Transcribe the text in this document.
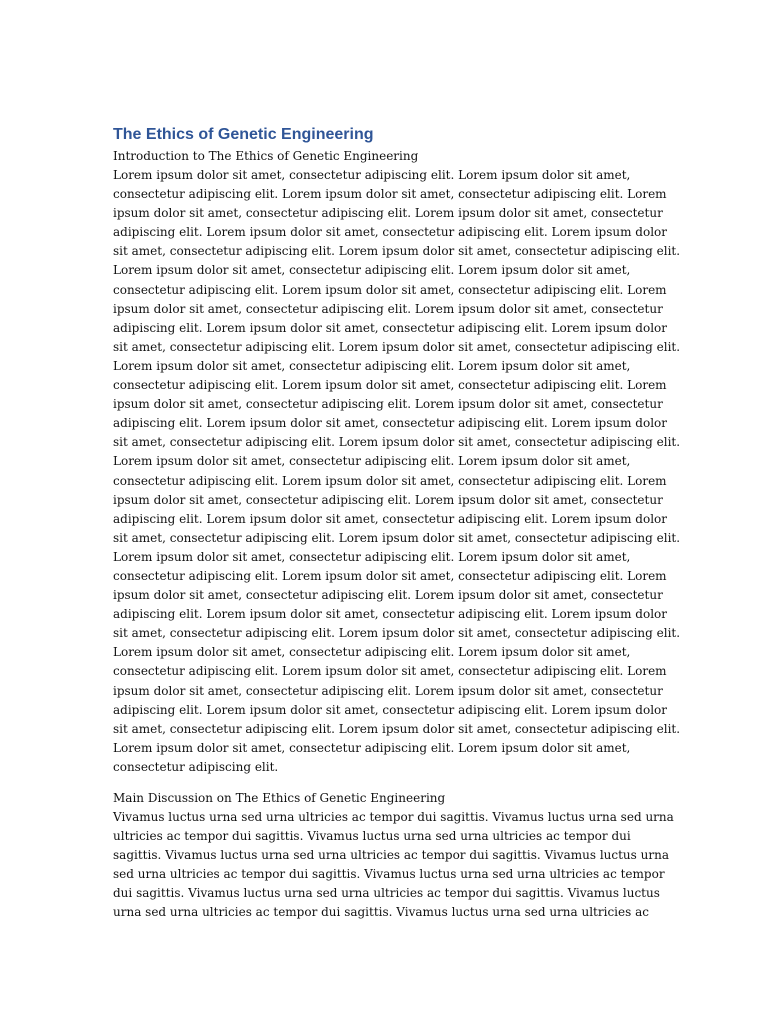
The Ethics of Genetic Engineering

Introduction to The Ethics of Genetic Engineering

Lorem ipsum dolor sit amet, consectetur adipiscing elit. Lorem ipsum dolor sit amet,
consectetur adipiscing elit. Lorem ipsum dolor sit amet, consectetur adipiscing elit. Lorem
ipsum dolor sit amet, consectetur adipiscing elit. Lorem ipsum dolor sit amet, consectetur
adipiscing elit. Lorem ipsum dolor sit amet, consectetur adipiscing elit. Lorem ipsum dolor
sit amet, consectetur adipiscing elit. Lorem ipsum dolor sit amet, consectetur adipiscing elit.
Lorem ipsum dolor sit amet, consectetur adipiscing elit. Lorem ipsum dolor sit amet,
consectetur adipiscing elit. Lorem ipsum dolor sit amet, consectetur adipiscing elit. Lorem
ipsum dolor sit amet, consectetur adipiscing elit. Lorem ipsum dolor sit amet, consectetur
adipiscing elit. Lorem ipsum dolor sit amet, consectetur adipiscing elit. Lorem ipsum dolor
sit amet, consectetur adipiscing elit. Lorem ipsum dolor sit amet, consectetur adipiscing elit.
Lorem ipsum dolor sit amet, consectetur adipiscing elit. Lorem ipsum dolor sit amet,
consectetur adipiscing elit. Lorem ipsum dolor sit amet, consectetur adipiscing elit. Lorem
ipsum dolor sit amet, consectetur adipiscing elit. Lorem ipsum dolor sit amet, consectetur
adipiscing elit. Lorem ipsum dolor sit amet, consectetur adipiscing elit. Lorem ipsum dolor
sit amet, consectetur adipiscing elit. Lorem ipsum dolor sit amet, consectetur adipiscing elit.
Lorem ipsum dolor sit amet, consectetur adipiscing elit. Lorem ipsum dolor sit amet,
consectetur adipiscing elit. Lorem ipsum dolor sit amet, consectetur adipiscing elit. Lorem
ipsum dolor sit amet, consectetur adipiscing elit. Lorem ipsum dolor sit amet, consectetur
adipiscing elit. Lorem ipsum dolor sit amet, consectetur adipiscing elit. Lorem ipsum dolor
sit amet, consectetur adipiscing elit. Lorem ipsum dolor sit amet, consectetur adipiscing elit.
Lorem ipsum dolor sit amet, consectetur adipiscing elit. Lorem ipsum dolor sit amet,
consectetur adipiscing elit. Lorem ipsum dolor sit amet, consectetur adipiscing elit. Lorem
ipsum dolor sit amet, consectetur adipiscing elit. Lorem ipsum dolor sit amet, consectetur
adipiscing elit. Lorem ipsum dolor sit amet, consectetur adipiscing elit. Lorem ipsum dolor
sit amet, consectetur adipiscing elit. Lorem ipsum dolor sit amet, consectetur adipiscing elit.
Lorem ipsum dolor sit amet, consectetur adipiscing elit. Lorem ipsum dolor sit amet,
consectetur adipiscing elit. Lorem ipsum dolor sit amet, consectetur adipiscing elit. Lorem
ipsum dolor sit amet, consectetur adipiscing elit. Lorem ipsum dolor sit amet, consectetur
adipiscing elit. Lorem ipsum dolor sit amet, consectetur adipiscing elit. Lorem ipsum dolor
sit amet, consectetur adipiscing elit. Lorem ipsum dolor sit amet, consectetur adipiscing elit.
Lorem ipsum dolor sit amet, consectetur adipiscing elit. Lorem ipsum dolor sit amet,
consectetur adipiscing elit.

Main Discussion on The Ethics of Genetic Engineering

Vivamus luctus urna sed urna ultricies ac tempor dui sagittis. Vivamus luctus urna sed urna
ultricies ac tempor dui sagittis. Vivamus luctus urna sed urna ultricies ac tempor dui
sagittis. Vivamus luctus urna sed urna ultricies ac tempor dui sagittis. Vivamus luctus urna
sed urna ultricies ac tempor dui sagittis. Vivamus luctus urna sed urna ultricies ac tempor
dui sagittis. Vivamus luctus urna sed urna ultricies ac tempor dui sagittis. Vivamus luctus
urna sed urna ultricies ac tempor dui sagittis. Vivamus luctus urna sed urna ultricies ac
